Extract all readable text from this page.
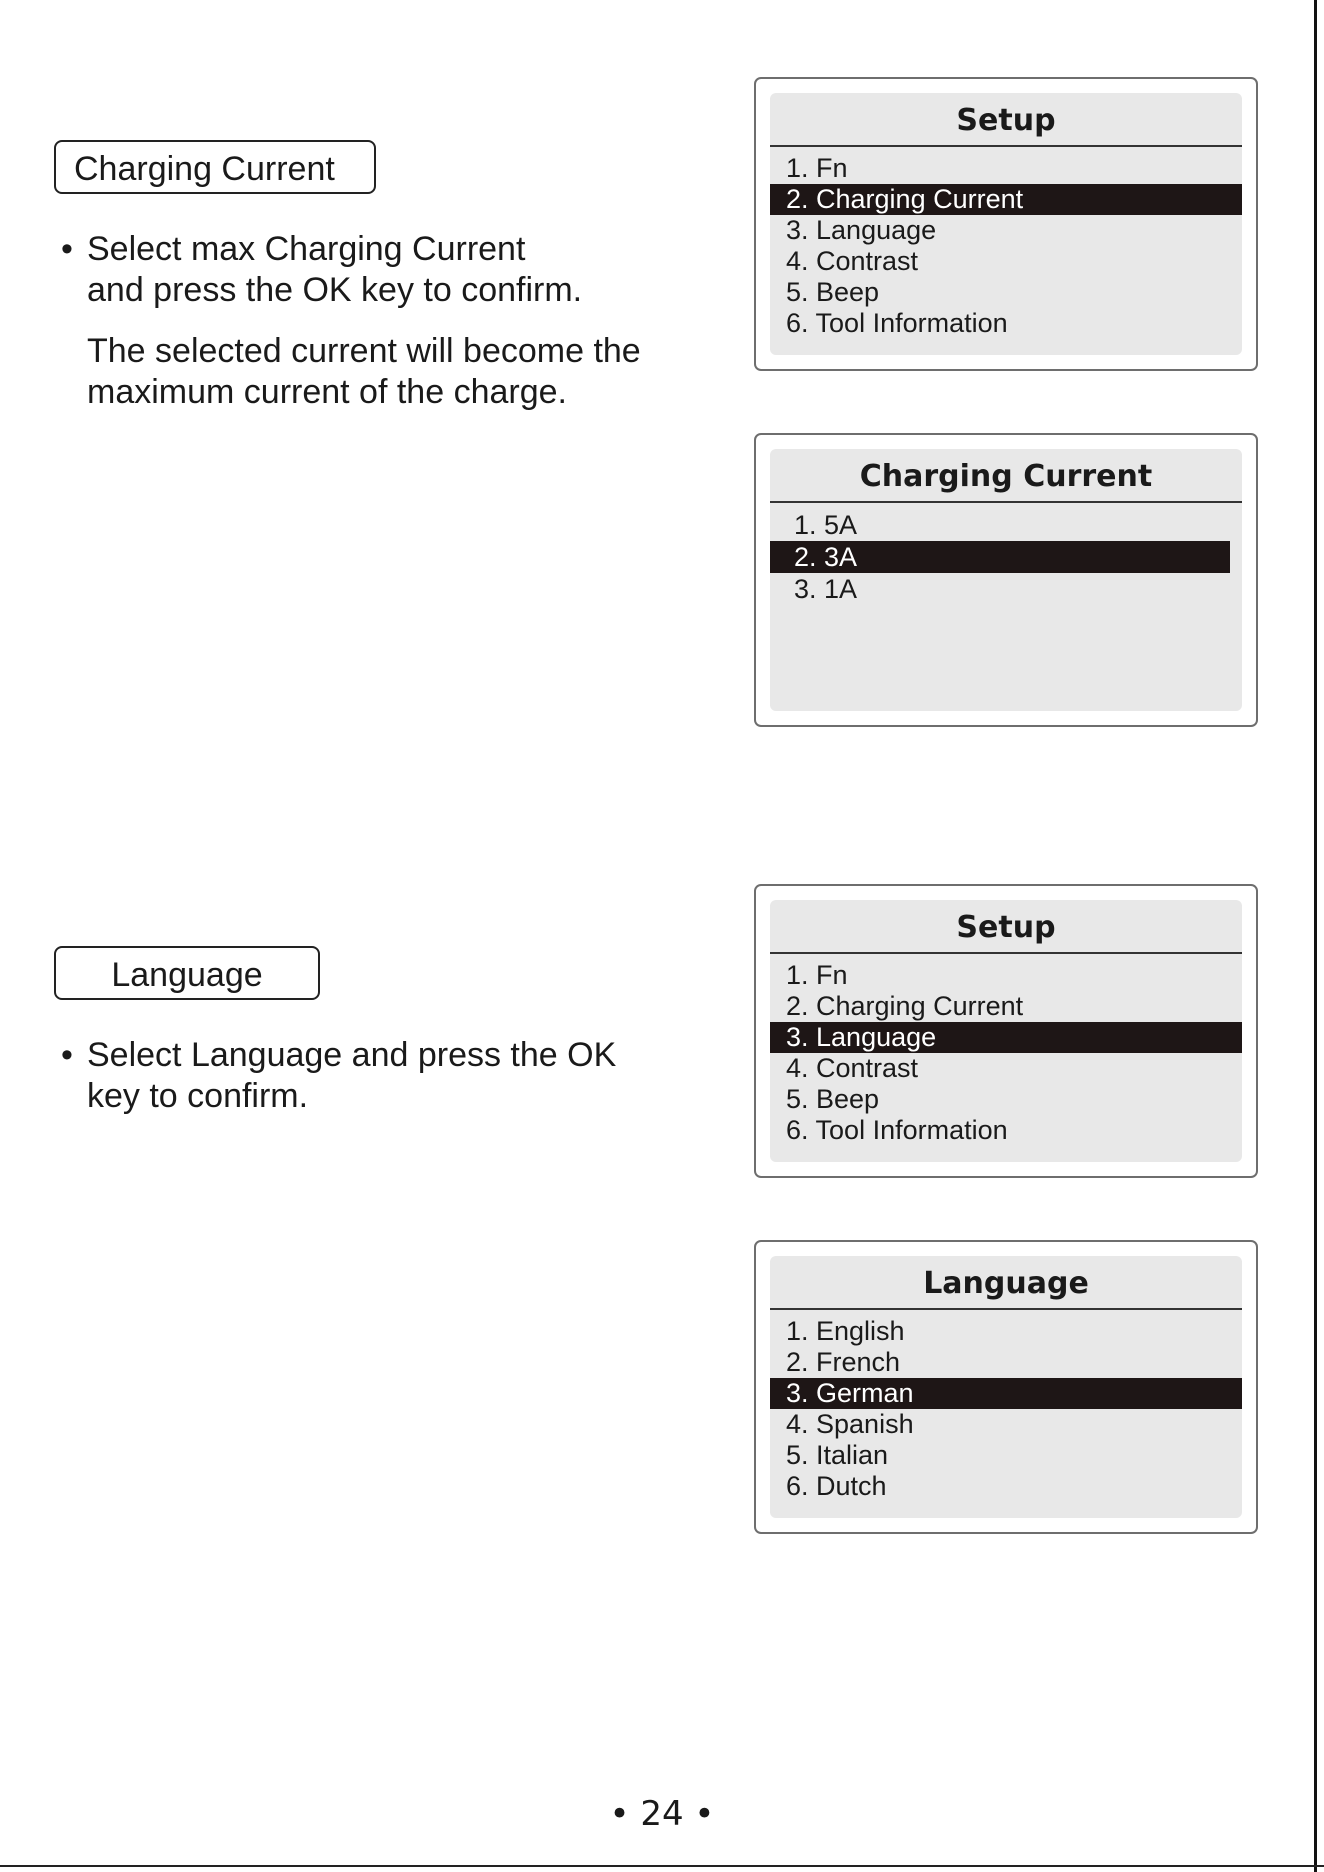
Charging Current

• Select max Charging Current
and press the OK key to confirm.

The selected current will become the
maximum current of the charge.

Language

• Select Language and press the OK
key to confirm.

Setup
1. Fn
2. Charging Current
3. Language
4. Contrast
5. Beep
6. Tool Information
Charging Current
1. 5A
2. 3A
3. 1A
Setup
1. Fn
2. Charging Current
3. Language
4. Contrast
5. Beep
6. Tool Information
Language
1. English
2. French
3. German
4. Spanish
5. Italian
6. Dutch
• 24 •
